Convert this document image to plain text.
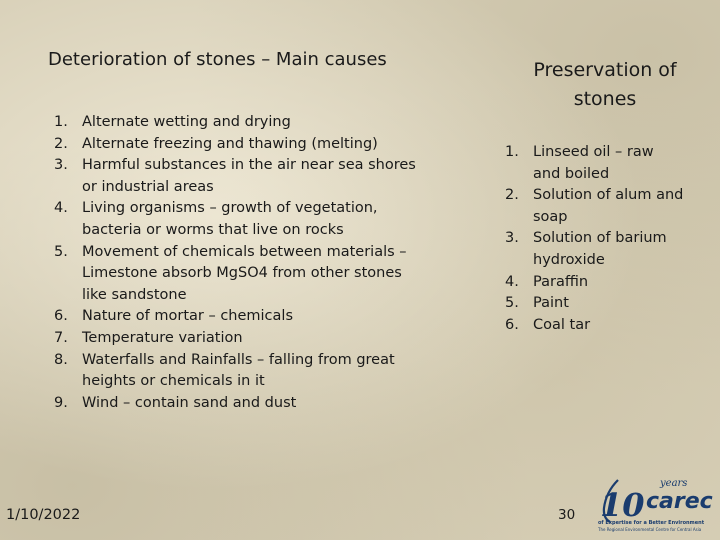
Deterioration of stones – Main causes
1. Alternate wetting and drying
2. Alternate freezing and thawing (melting)
3. Harmful substances in the air near sea shores or industrial areas
4. Living organisms – growth of vegetation, bacteria or worms that live on rocks
5. Movement of chemicals between materials – Limestone absorb MgSO4 from other stones like sandstone
6. Nature of mortar – chemicals
7. Temperature variation
8. Waterfalls and Rainfalls – falling from great heights or chemicals in it
9. Wind – contain sand and dust
Preservation of stones
1. Linseed oil – raw and boiled
2. Solution of alum and soap
3. Solution of barium hydroxide
4. Paraffin
5. Paint
6. Coal tar
1/10/2022	30 10
years
carec
of Expertise for a Better Environment
The Regional Environmental Centre for Central Asia
